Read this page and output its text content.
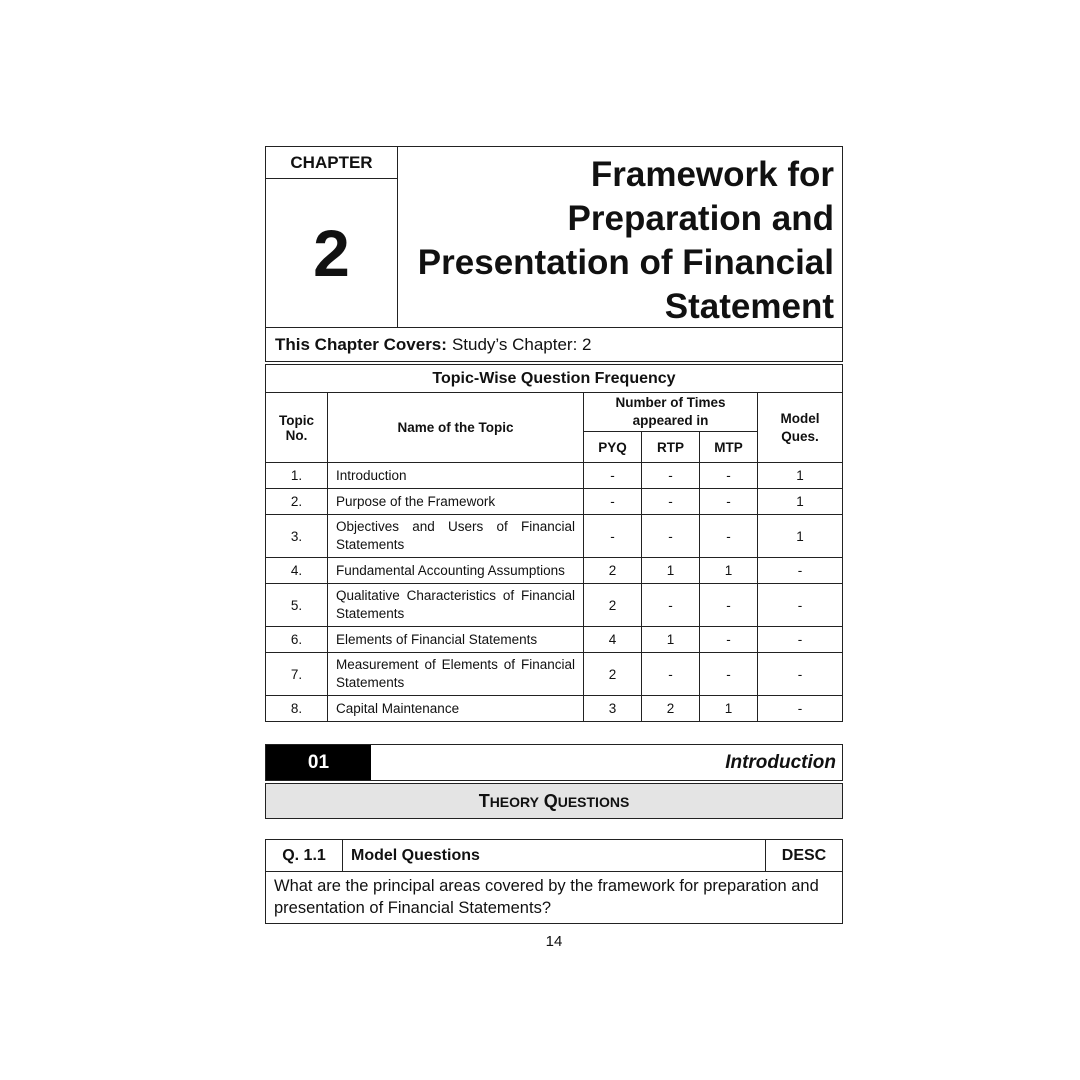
CHAPTER
2
Framework for
Preparation and
Presentation of Financial
Statement
This Chapter Covers: Study’s Chapter: 2
Topic-Wise Question Frequency
Topic No.	Name of the Topic	Number of Times appeared in			Model Ques.
		PYQ	RTP	MTP	
1.	Introduction	-	-	-	1
2.	Purpose of the Framework	-	-	-	1
3.	Objectives and Users of Financial Statements	-	-	-	1
4.	Fundamental Accounting Assumptions	2	1	1	-
5.	Qualitative Characteristics of Financial Statements	2	-	-	-
6.	Elements of Financial Statements	4	1	-	-
7.	Measurement of Elements of Financial Statements	2	-	-	-
8.	Capital Maintenance	3	2	1	-
01	Introduction
THEORY QUESTIONS
Q. 1.1	Model Questions	DESC
What are the principal areas covered by the framework for preparation and presentation of Financial Statements?
14
